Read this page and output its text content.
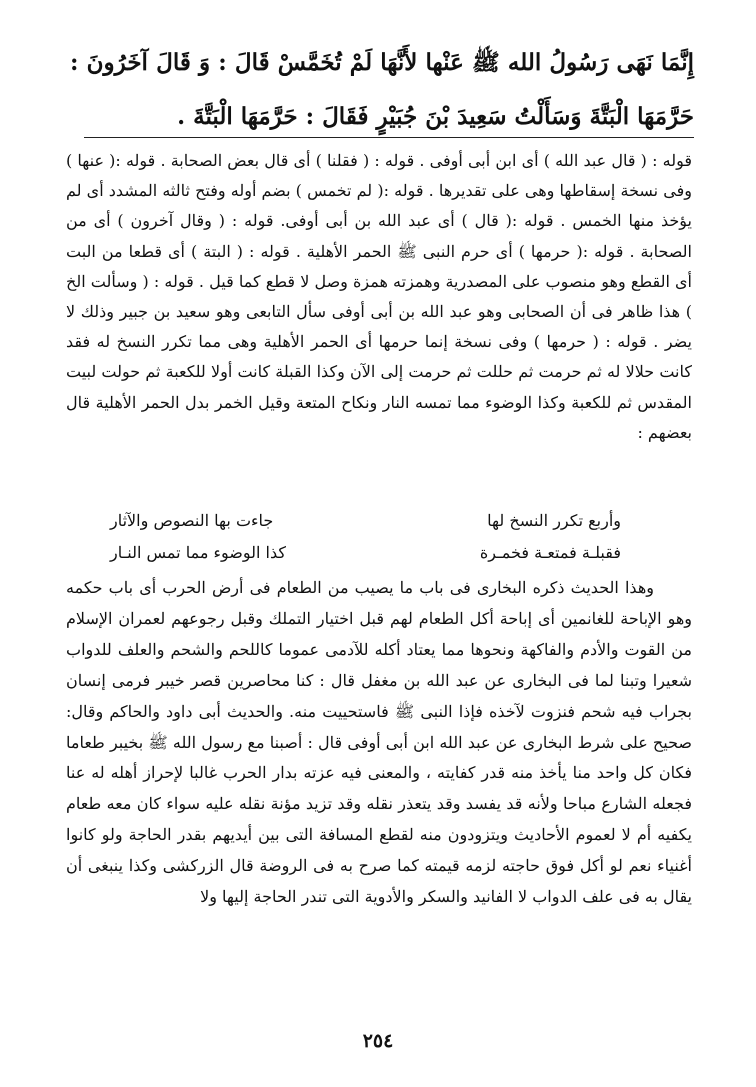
إِنَّمَا نَهَى رَسُولُ الله ﷺ عَنْها لأَنَّهَا لَمْ تُخَمَّسْ قَالَ : وَ قَالَ آخَرُونَ : حَرَّمَهَا الْبَتَّةَ وَسَأَلْتُ سَعِيدَ بْنَ جُبَيْرٍ فَقَالَ : حَرَّمَهَا الْبَتَّةَ .

قوله : ( قال عبد الله ) أى ابن أبى أوفى . قوله : ( فقلنا ) أى قال بعض الصحابة . قوله :( عنها ) وفى نسخة إسقاطها وهى على تقديرها . قوله :( لم تخمس ) بضم أوله وفتح ثالثه المشدد أى لم يؤخذ منها الخمس . قوله :( قال ) أى عبد الله بن أبى أوفى. قوله : ( وقال آخرون ) أى من الصحابة . قوله :( حرمها ) أى حرم النبى ﷺ الحمر الأهلية . قوله : ( البتة ) أى قطعا من البت أى القطع وهو منصوب على المصدرية وهمزته همزة وصل لا قطع كما قيل . قوله : ( وسألت الخ ) هذا ظاهر فى أن الصحابى وهو عبد الله بن أبى أوفى سأل التابعى وهو سعيد بن جبير وذلك لا يضر . قوله : ( حرمها ) وفى نسخة إنما حرمها أى الحمر الأهلية وهى مما تكرر النسخ له فقد كانت حلالا له ثم حرمت ثم حللت ثم حرمت إلى الآن وكذا القبلة كانت أولا للكعبة ثم حولت لبيت المقدس ثم للكعبة وكذا الوضوء مما تمسه النار ونكاح المتعة وقيل الخمر بدل الحمر الأهلية قال بعضهم :

وأربع تكرر النسخ لها
جاءت بها النصوص والآثار
فقبلـة فمتعـة فخمـرة
كذا الوضوء مما تمس النـار

وهذا الحديث ذكره البخارى فى باب ما يصيب من الطعام فى أرض الحرب أى باب حكمه وهو الإباحة للغانمين أى إباحة أكل الطعام لهم قبل اختيار التملك وقبل رجوعهم لعمران الإسلام من القوت والأدم والفاكهة ونحوها مما يعتاد أكله للآدمى عموما كاللحم والشحم والعلف للدواب شعيرا وتبنا لما فى البخارى عن عبد الله بن مغفل قال : كنا محاصرين قصر خيبر فرمى إنسان بجراب فيه شحم فنزوت لآخذه فإذا النبى ﷺ فاستحييت منه. والحديث أبى داود والحاكم وقال: صحيح على شرط البخارى عن عبد الله ابن أبى أوفى قال : أصبنا مع رسول الله ﷺ بخيبر طعاما فكان كل واحد منا يأخذ منه قدر كفايته ، والمعنى فيه عزته بدار الحرب غالبا لإحراز أهله له عنا فجعله الشارع مباحا ولأنه قد يفسد وقد يتعذر نقله وقد تزيد مؤنة نقله عليه سواء كان معه طعام يكفيه أم لا لعموم الأحاديث ويتزودون منه لقطع المسافة التى بين أيديهم بقدر الحاجة ولو كانوا أغنياء نعم لو أكل فوق حاجته لزمه قيمته كما صرح به فى الروضة قال الزركشى وكذا ينبغى أن يقال به فى علف الدواب لا الفانيد والسكر والأدوية التى تندر الحاجة إليها ولا

٢٥٤
